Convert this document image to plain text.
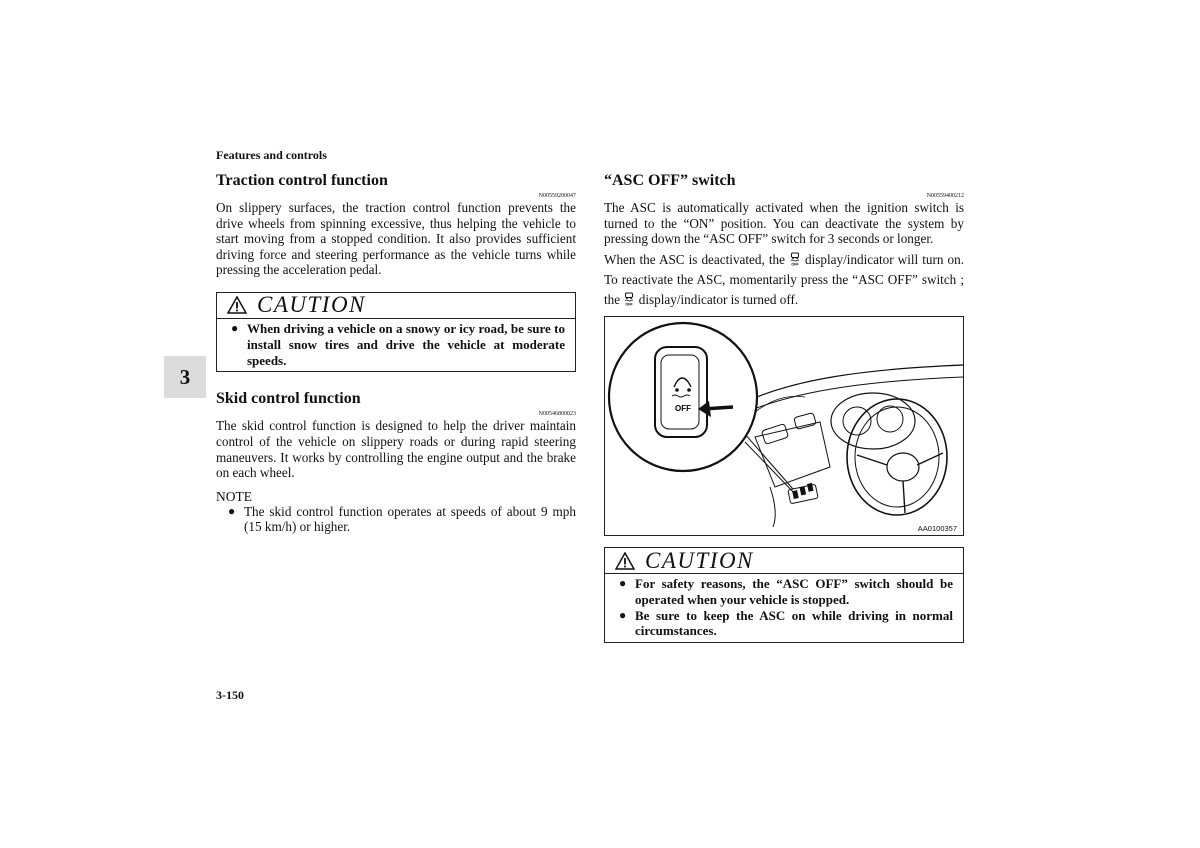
Features and controls
3
Traction control function
N00559200047

On slippery surfaces, the traction control function prevents the drive wheels from spinning excessive, thus helping the vehicle to start moving from a stopped condition. It also provides sufficient driving force and steering performance as the vehicle turns while pressing the acceleration pedal.

CAUTION
● When driving a vehicle on a snowy or icy road, be sure to install snow tires and drive the vehicle at moderate speeds.
Skid control function
N00546800023

The skid control function is designed to help the driver maintain control of the vehicle on slippery roads or during rapid steering maneuvers. It works by controlling the engine output and the brake on each wheel.

NOTE
● The skid control function operates at speeds of about 9 mph (15 km/h) or higher.
“ASC OFF” switch
N00559400212

The ASC is automatically activated when the ignition switch is turned to the “ON” position. You can deactivate the system by pressing down the “ASC OFF” switch for 3 seconds or longer.

When the ASC is deactivated, the OFF display/indicator will turn on. To reactivate the ASC, momentarily press the “ASC OFF” switch ; the OFF display/indicator is turned off.

OFF
AA0100357
CAUTION
● For safety reasons, the “ASC OFF” switch should be operated when your vehicle is stopped.
● Be sure to keep the ASC on while driving in normal circumstances.
3-150
